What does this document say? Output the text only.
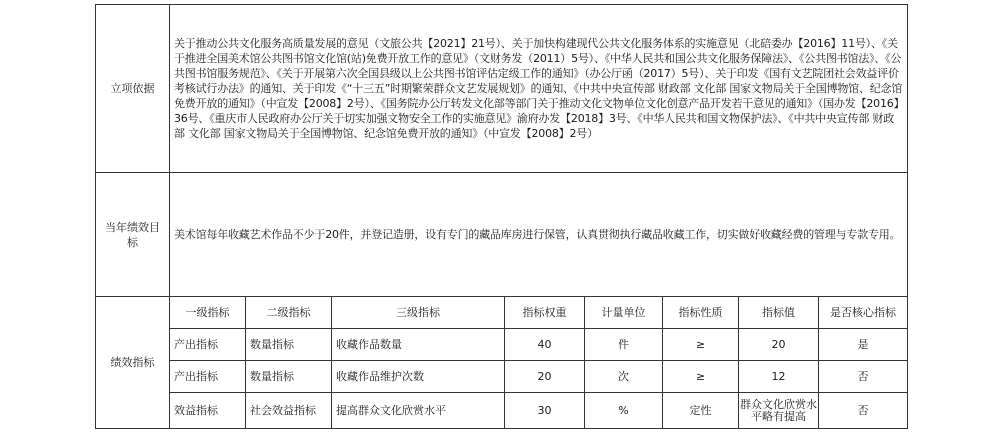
立项依据	关于推动公共文化服务高质量发展的意见（文旅公共【2021】21号）、关于加快构建现代公共文化服务体系的实施意见（北碚委办【2016】11号）、《关于推进全国美术馆公共图书馆文化馆(站)免费开放工作的意见》（文财务发（2011）5号）、《中华人民共和国公共文化服务保障法》、《公共图书馆法》、《公共图书馆服务规范》、《关于开展第六次全国县级以上公共图书馆评估定级工作的通知》（办公厅函（2017）5号）、关于印发《国有文艺院团社会效益评价考核试行办法》的通知、关于印发《“十三五”时期繁荣群众文艺发展规划》的通知、《中共中央宣传部 财政部 文化部 国家文物局关于全国博物馆、纪念馆免费开放的通知》（中宣发【2008】2号）、《国务院办公厅转发文化部等部门关于推动文化文物单位文化创意产品开发若干意见的通知》（国办发【2016】36号、《重庆市人民政府办公厅关于切实加强文物安全工作的实施意见》渝府办发【2018】3号、《中华人民共和国文物保护法》、《中共中央宣传部 财政部 文化部 国家文物局关于全国博物馆、纪念馆免费开放的通知》（中宣发【2008】2号）							
当年绩效目标	美术馆每年收藏艺术作品不少于20件，并登记造册，设有专门的藏品库房进行保管，认真贯彻执行藏品收藏工作，切实做好收藏经费的管理与专款专用。							
绩效指标	一级指标	二级指标	三级指标	指标权重	计量单位	指标性质	指标值	是否核心指标
	产出指标	数量指标	收藏作品数量	40	件	≥	20	是
	产出指标	数量指标	收藏作品维护次数	20	次	≥	12	否
	效益指标	社会效益指标	提高群众文化欣赏水平	30	%	定性	群众文化欣赏水平略有提高	否
